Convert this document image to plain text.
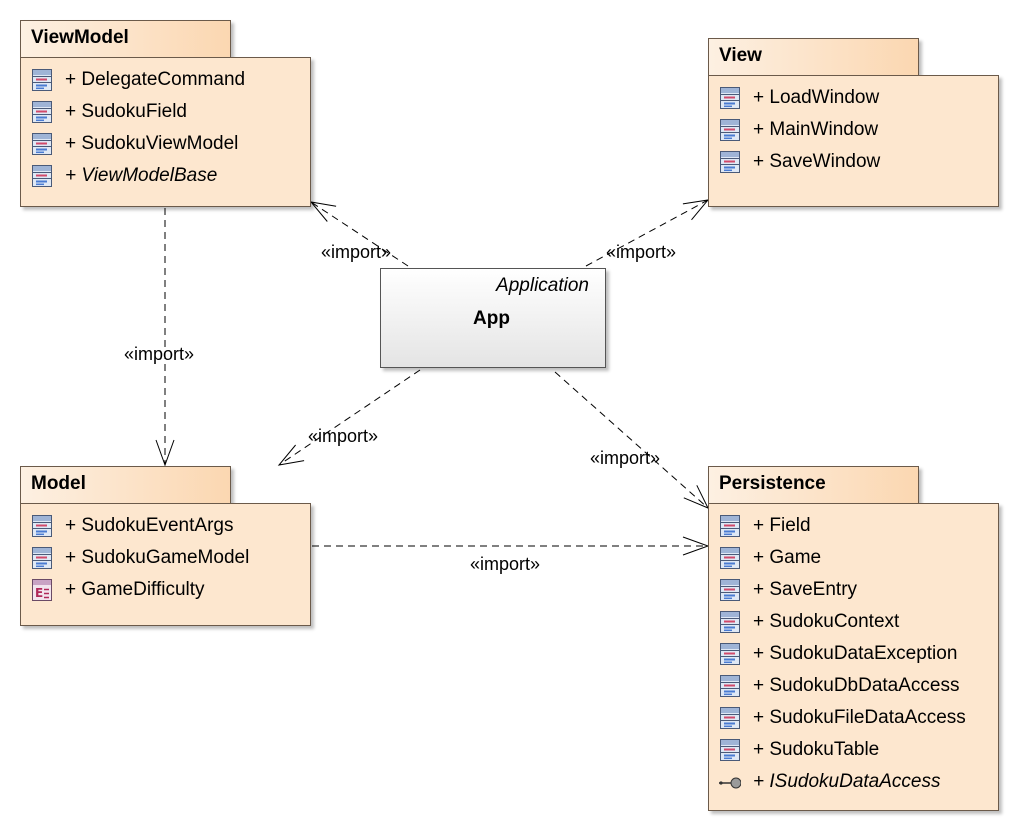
«import»	«import»
«import»
«import»
«import»
«import»
Application
App
ViewModel
+ DelegateCommand
+ SudokuField
+ SudokuViewModel
+ ViewModelBase
View
+ LoadWindow
+ MainWindow
+ SaveWindow
Model
+ SudokuEventArgs
+ SudokuGameModel
E + GameDifficulty
Persistence
+ Field
+ Game
+ SaveEntry
+ SudokuContext
+ SudokuDataException
+ SudokuDbDataAccess
+ SudokuFileDataAccess
+ SudokuTable
+ ISudokuDataAccess
